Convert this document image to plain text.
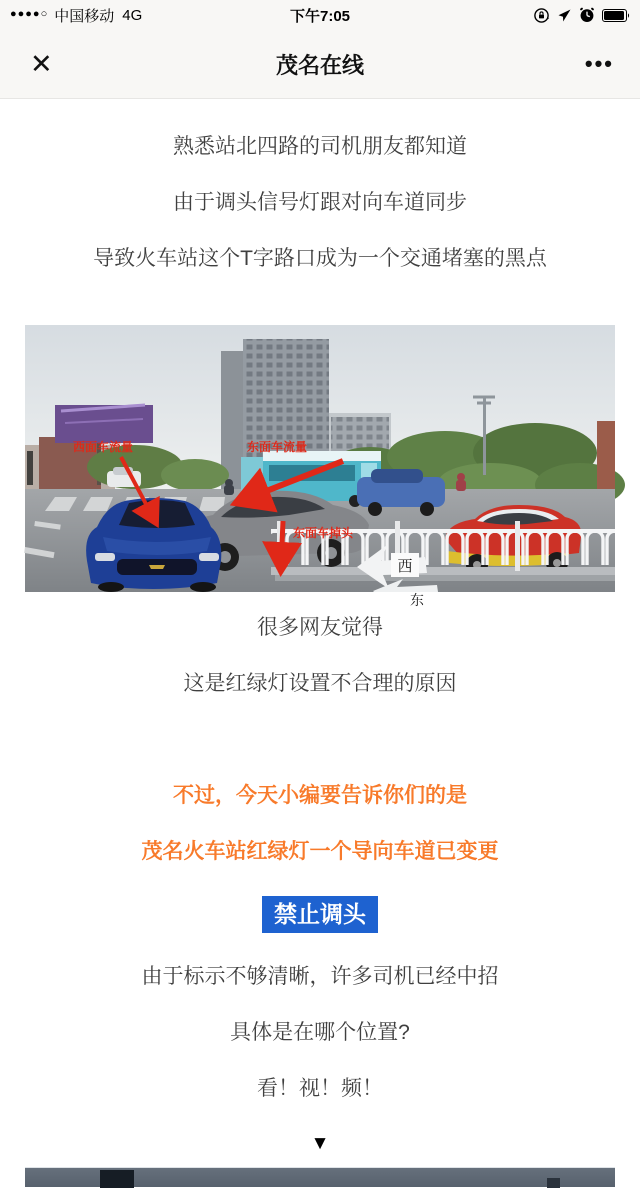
●●●●○ 中国移动 4G	下午7:05
✕	茂名在线	•••

熟悉站北四路的司机朋友都知道

由于调头信号灯跟对向车道同步

导致火车站这个T字路口成为一个交通堵塞的黑点

西
东
西面车流量	东面车流量
东面车掉头

很多网友觉得

这是红绿灯设置不合理的原因

不过，今天小编要告诉你们的是

茂名火车站红绿灯一个导向车道已变更

禁止调头

由于标示不够清晰，许多司机已经中招

具体是在哪个位置?

看！视！频！

▼
